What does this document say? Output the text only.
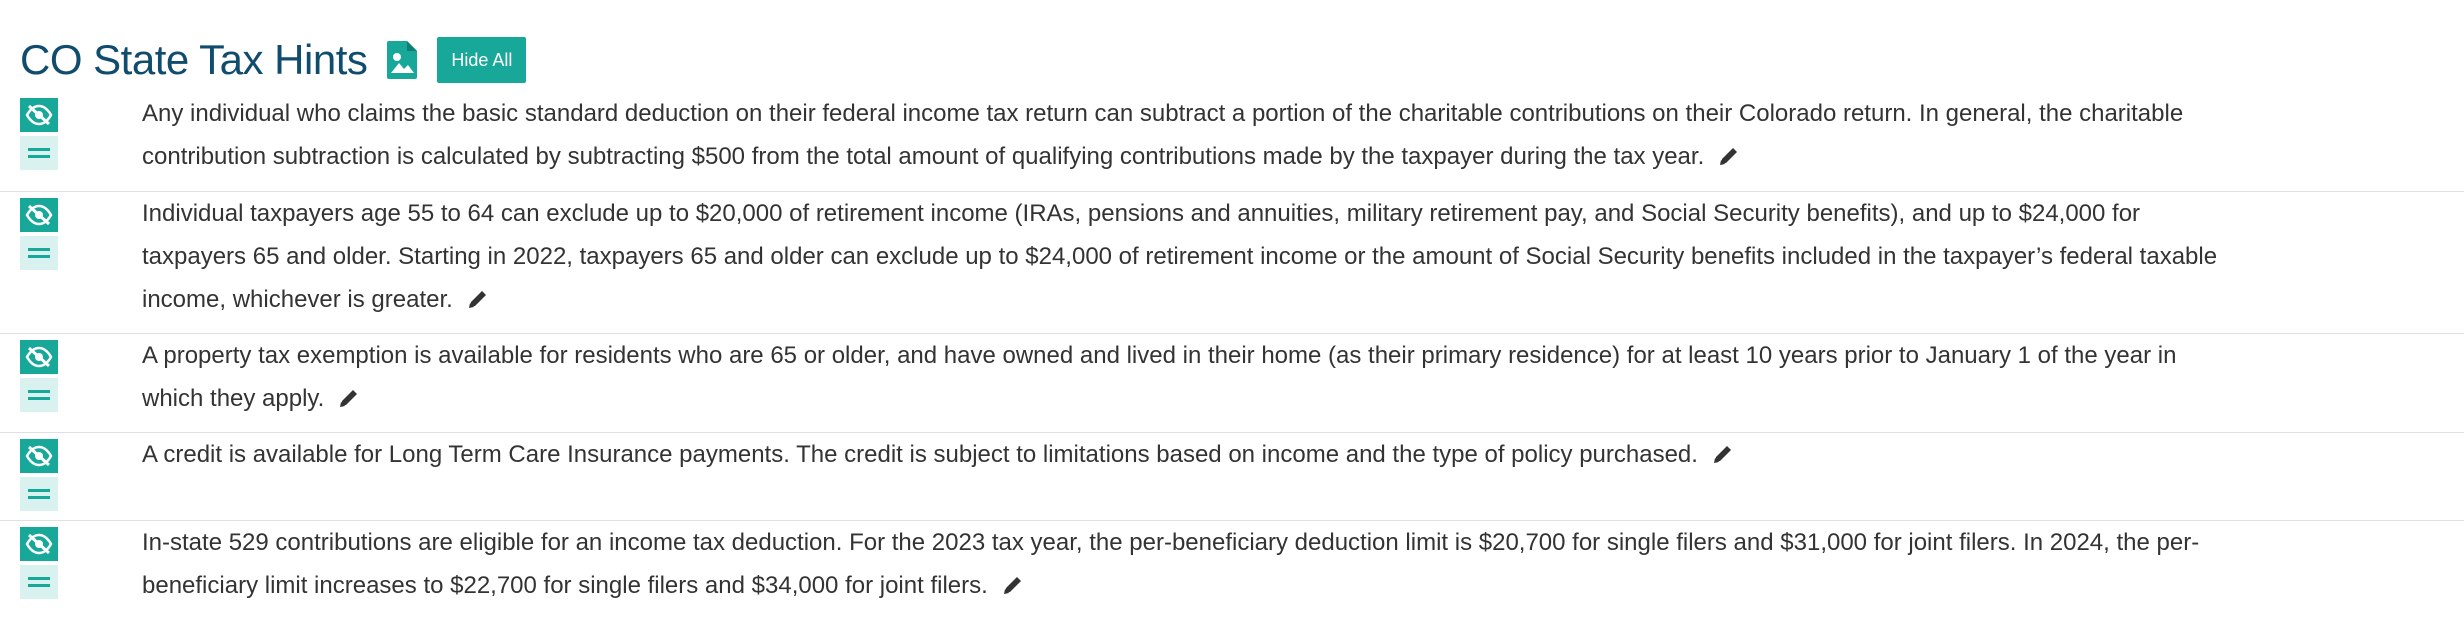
CO State Tax Hints	Hide All

Any individual who claims the basic standard deduction on their federal income tax return can subtract a portion of the charitable contributions on their Colorado return. In general, the charitable contribution subtraction is calculated by subtracting $500 from the total amount of qualifying contributions made by the taxpayer during the tax year.

Individual taxpayers age 55 to 64 can exclude up to $20,000 of retirement income (IRAs, pensions and annuities, military retirement pay, and Social Security benefits), and up to $24,000 for taxpayers 65 and older. Starting in 2022, taxpayers 65 and older can exclude up to $24,000 of retirement income or the amount of Social Security benefits included in the taxpayer’s federal taxable income, whichever is greater.

A property tax exemption is available for residents who are 65 or older, and have owned and lived in their home (as their primary residence) for at least 10 years prior to January 1 of the year in which they apply.

A credit is available for Long Term Care Insurance payments. The credit is subject to limitations based on income and the type of policy purchased.

In-state 529 contributions are eligible for an income tax deduction. For the 2023 tax year, the per-beneficiary deduction limit is $20,700 for single filers and $31,000 for joint filers. In 2024, the per-beneficiary limit increases to $22,700 for single filers and $34,000 for joint filers.
